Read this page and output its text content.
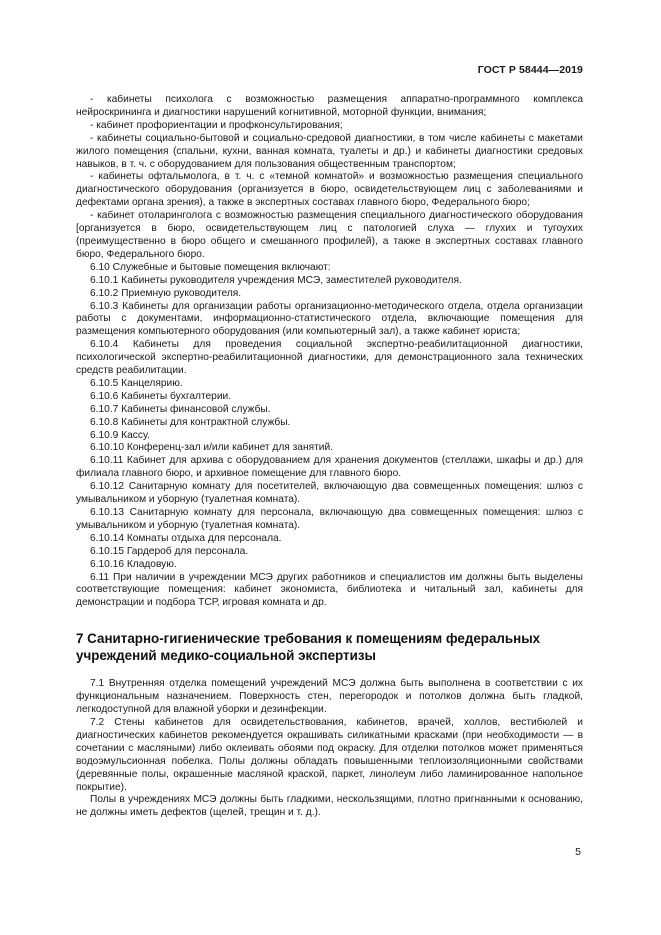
ГОСТ Р 58444—2019

- кабинеты психолога с возможностью размещения аппаратно-программного комплекса нейроскрининга и диагностики нарушений когнитивной, моторной функции, внимания;

- кабинет профориентации и профконсультирования;

- кабинеты социально-бытовой и социально-средовой диагностики, в том числе кабинеты с макетами жилого помещения (спальни, кухни, ванная комната, туалеты и др.) и кабинеты диагностики средовых навыков, в т. ч. с оборудованием для пользования общественным транспортом;

- кабинеты офтальмолога, в т. ч. с «темной комнатой» и возможностью размещения специального диагностического оборудования (организуется в бюро, освидетельствующем лиц с заболеваниями и дефектами органа зрения), а также в экспертных составах главного бюро, Федерального бюро;

- кабинет отоларинголога с возможностью размещения специального диагностического оборудования [организуется в бюро, освидетельствующем лиц с патологией слуха — глухих и тугоухих (преимущественно в бюро общего и смешанного профилей), а также в экспертных составах главного бюро, Федерального бюро.

6.10 Служебные и бытовые помещения включают:

6.10.1 Кабинеты руководителя учреждения МСЭ, заместителей руководителя.

6.10.2 Приемную руководителя.

6.10.3 Кабинеты для организации работы организационно-методического отдела, отдела организации работы с документами, информационно-статистического отдела, включающие помещения для размещения компьютерного оборудования (или компьютерный зал), а также кабинет юриста;

6.10.4 Кабинеты для проведения социальной экспертно-реабилитационной диагностики, психологической экспертно-реабилитационной диагностики, для демонстрационного зала технических средств реабилитации.

6.10.5 Канцелярию.

6.10.6 Кабинеты бухгалтерии.

6.10.7 Кабинеты финансовой службы.

6.10.8 Кабинеты для контрактной службы.

6.10.9 Кассу.

6.10.10 Конференц-зал и/или кабинет для занятий.

6.10.11 Кабинет для архива с оборудованием для хранения документов (стеллажи, шкафы и др.) для филиала главного бюро, и архивное помещение для главного бюро.

6.10.12 Санитарную комнату для посетителей, включающую два совмещенных помещения: шлюз с умывальником и уборную (туалетная комната).

6.10.13 Санитарную комнату для персонала, включающую два совмещенных помещения: шлюз с умывальником и уборную (туалетная комната).

6.10.14 Комнаты отдыха для персонала.

6.10.15 Гардероб для персонала.

6.10.16 Кладовую.

6.11 При наличии в учреждении МСЭ других работников и специалистов им должны быть выделены соответствующие помещения: кабинет экономиста, библиотека и читальный зал, кабинеты для демонстрации и подбора ТСР, игровая комната и др.

7 Санитарно-гигиенические требования к помещениям федеральных учреждений медико-социальной экспертизы

7.1 Внутренняя отделка помещений учреждений МСЭ должна быть выполнена в соответствии с их функциональным назначением. Поверхность стен, перегородок и потолков должна быть гладкой, легкодоступной для влажной уборки и дезинфекции.

7.2 Стены кабинетов для освидетельствования, кабинетов, врачей, холлов, вестибюлей и диагностических кабинетов рекомендуется окрашивать силикатными красками (при необходимости — в сочетании с масляными) либо оклеивать обоями под окраску. Для отделки потолков может применяться водоэмульсионная побелка. Полы должны обладать повышенными теплоизоляционными свойствами (деревянные полы, окрашенные масляной краской, паркет, линолеум либо ламинированное напольное покрытие).

Полы в учреждениях МСЭ должны быть гладкими, нескользящими, плотно пригнанными к основанию, не должны иметь дефектов (щелей, трещин и т. д.).

5
